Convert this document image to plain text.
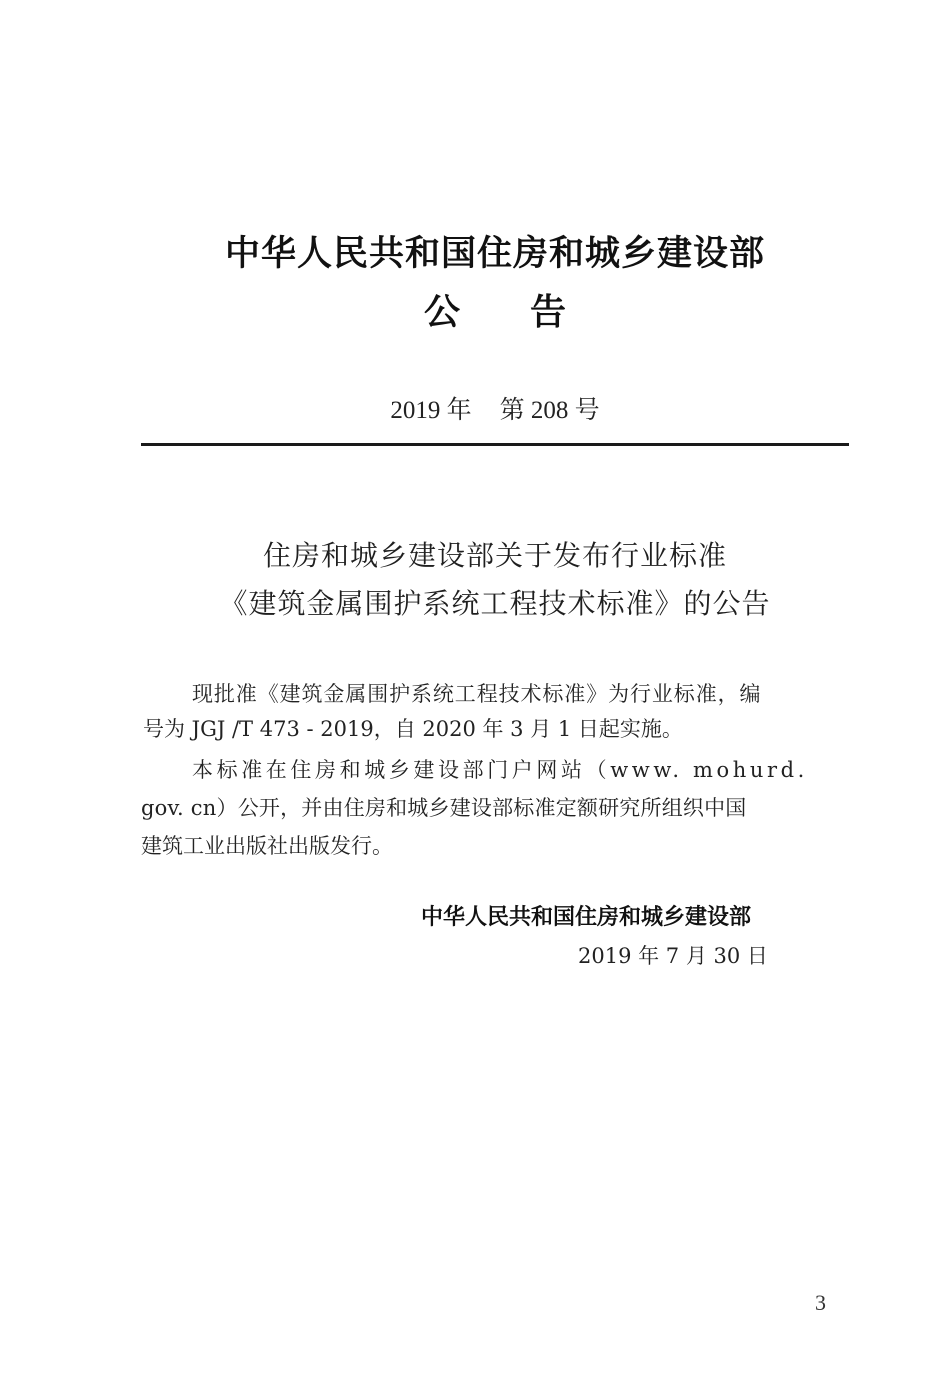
中华人民共和国住房和城乡建设部
公 告
2019 年 第 208 号
住房和城乡建设部关于发布行业标准
《建筑金属围护系统工程技术标准》的公告
现批准《建筑金属围护系统工程技术标准》为行业标准，编
号为 JGJ /T 473 - 2019，自 2020 年 3 月 1 日起实施。
本标准在住房和城乡建设部门户网站（www. mohurd.
gov. cn）公开，并由住房和城乡建设部标准定额研究所组织中国
建筑工业出版社出版发行。
中华人民共和国住房和城乡建设部
2019 年 7 月 30 日
3
